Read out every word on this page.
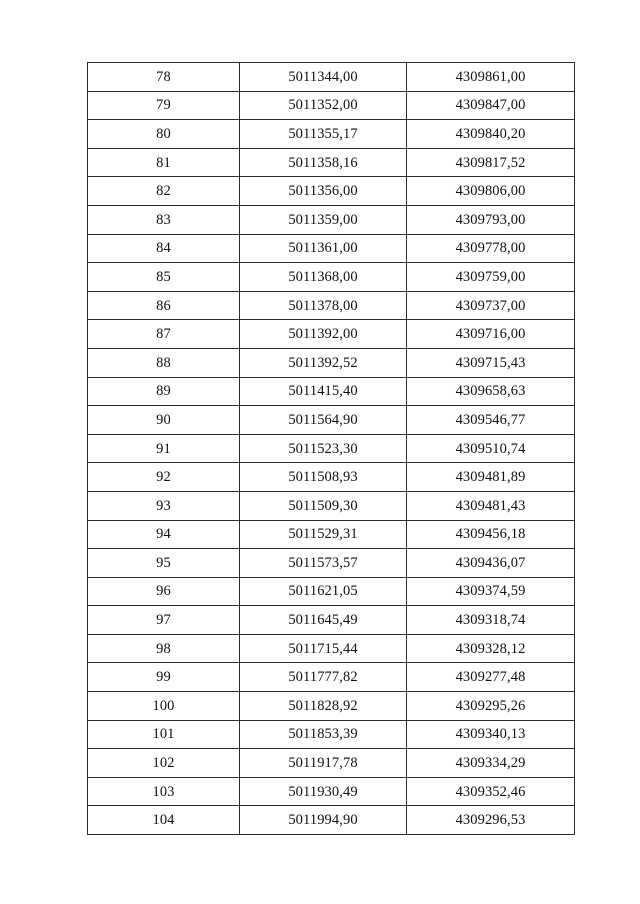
78	5011344,00	4309861,00
79	5011352,00	4309847,00
80	5011355,17	4309840,20
81	5011358,16	4309817,52
82	5011356,00	4309806,00
83	5011359,00	4309793,00
84	5011361,00	4309778,00
85	5011368,00	4309759,00
86	5011378,00	4309737,00
87	5011392,00	4309716,00
88	5011392,52	4309715,43
89	5011415,40	4309658,63
90	5011564,90	4309546,77
91	5011523,30	4309510,74
92	5011508,93	4309481,89
93	5011509,30	4309481,43
94	5011529,31	4309456,18
95	5011573,57	4309436,07
96	5011621,05	4309374,59
97	5011645,49	4309318,74
98	5011715,44	4309328,12
99	5011777,82	4309277,48
100	5011828,92	4309295,26
101	5011853,39	4309340,13
102	5011917,78	4309334,29
103	5011930,49	4309352,46
104	5011994,90	4309296,53
